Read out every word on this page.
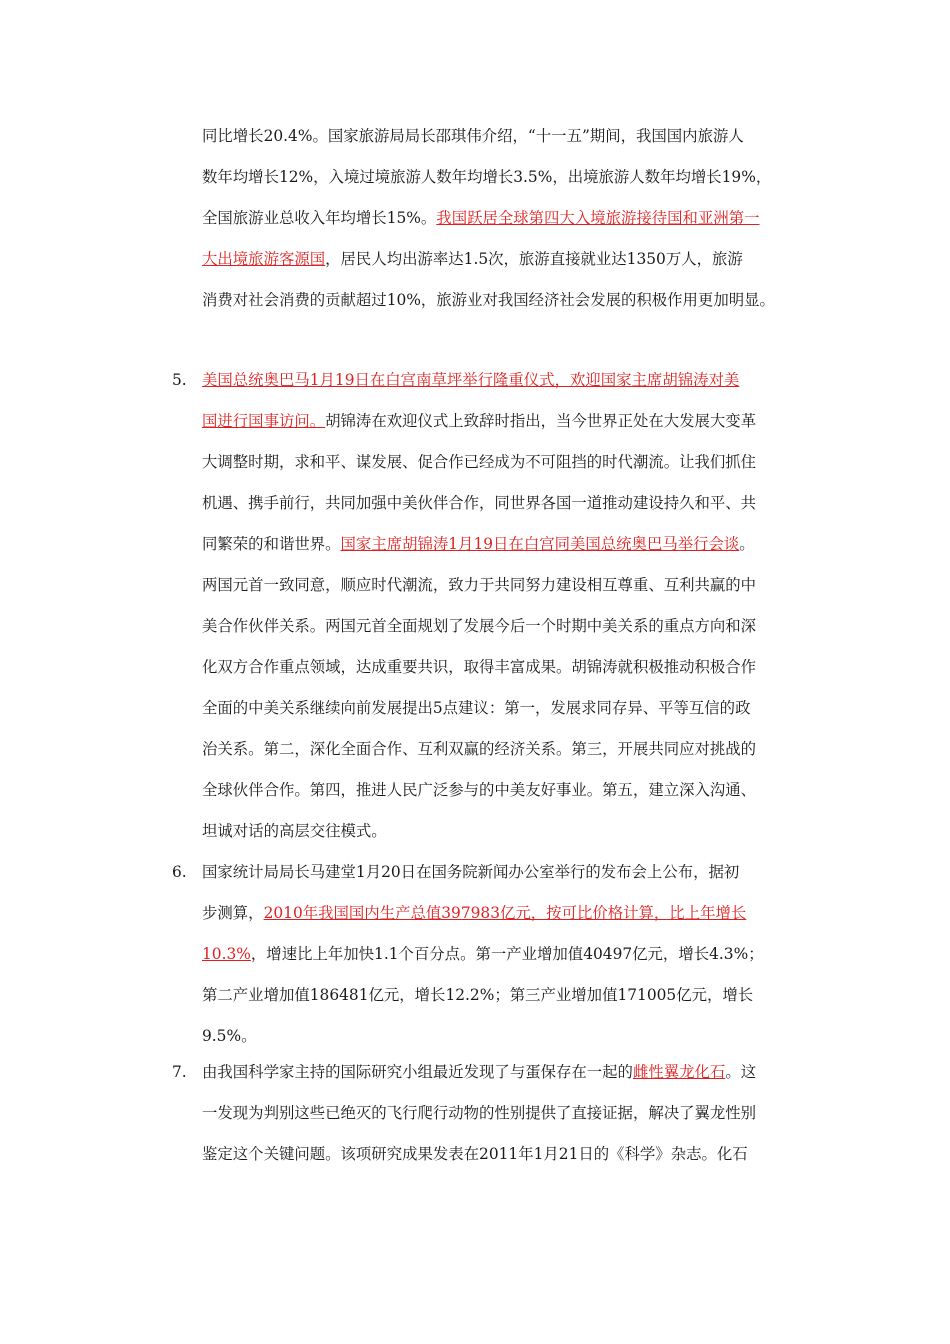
同比增长20.4%。国家旅游局局长邵琪伟介绍，“十一五”期间，我国国内旅游人
数年均增长12%，入境过境旅游人数年均增长3.5%，出境旅游人数年均增长19%，
全国旅游业总收入年均增长15%。我国跃居全球第四大入境旅游接待国和亚洲第一
大出境旅游客源国，居民人均出游率达1.5次，旅游直接就业达1350万人，旅游
消费对社会消费的贡献超过10%，旅游业对我国经济社会发展的积极作用更加明显。
5. 美国总统奥巴马1月19日在白宫南草坪举行隆重仪式，欢迎国家主席胡锦涛对美
国进行国事访问。胡锦涛在欢迎仪式上致辞时指出，当今世界正处在大发展大变革
大调整时期，求和平、谋发展、促合作已经成为不可阻挡的时代潮流。让我们抓住
机遇、携手前行，共同加强中美伙伴合作，同世界各国一道推动建设持久和平、共
同繁荣的和谐世界。国家主席胡锦涛1月19日在白宫同美国总统奥巴马举行会谈。
两国元首一致同意，顺应时代潮流，致力于共同努力建设相互尊重、互利共赢的中
美合作伙伴关系。两国元首全面规划了发展今后一个时期中美关系的重点方向和深
化双方合作重点领域，达成重要共识，取得丰富成果。胡锦涛就积极推动积极合作
全面的中美关系继续向前发展提出5点建议：第一，发展求同存异、平等互信的政
治关系。第二，深化全面合作、互利双赢的经济关系。第三，开展共同应对挑战的
全球伙伴合作。第四，推进人民广泛参与的中美友好事业。第五，建立深入沟通、
坦诚对话的高层交往模式。
6. 国家统计局局长马建堂1月20日在国务院新闻办公室举行的发布会上公布，据初
步测算，2010年我国国内生产总值397983亿元，按可比价格计算，比上年增长
10.3%，增速比上年加快1.1个百分点。第一产业增加值40497亿元，增长4.3%；
第二产业增加值186481亿元，增长12.2%；第三产业增加值171005亿元，增长
9.5%。
7. 由我国科学家主持的国际研究小组最近发现了与蛋保存在一起的雌性翼龙化石。这
一发现为判别这些已绝灭的飞行爬行动物的性别提供了直接证据，解决了翼龙性别
鉴定这个关键问题。该项研究成果发表在2011年1月21日的《科学》杂志。化石
